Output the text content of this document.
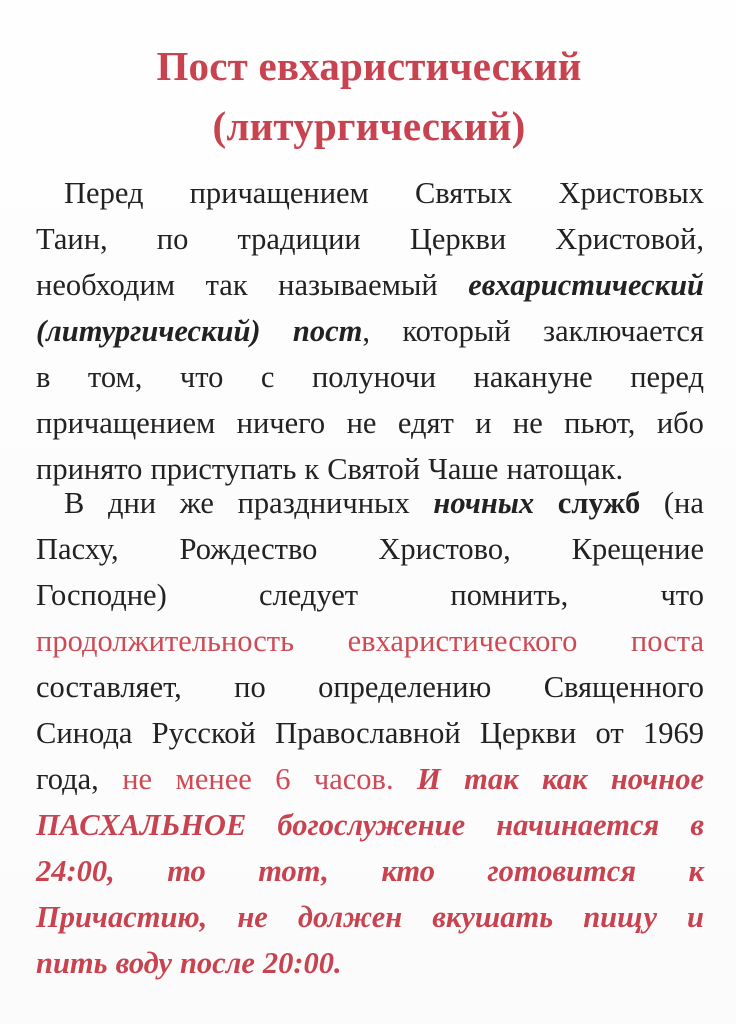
Пост евхаристический
(литургический)
Перед причащением Святых Христовых
Таин, по традиции Церкви Христовой,
необходим так называемый евхаристический
(литургический) пост, который заключается
в том, что с полуночи накануне перед
причащением ничего не едят и не пьют, ибо
принято приступать к Святой Чаше натощак.
В дни же праздничных ночных служб (на
Пасху, Рождество Христово, Крещение
Господне)	следует	помнить,	что
продолжительность евхаристического поста
составляет, по определению Священного
Синода Русской Православной Церкви от 1969
года, не менее 6 часов. И так как ночное
ПАСХАЛЬНОЕ богослужение начинается в
24:00, то тот, кто готовится к
Причастию, не должен вкушать пищу и
пить воду после 20:00.
